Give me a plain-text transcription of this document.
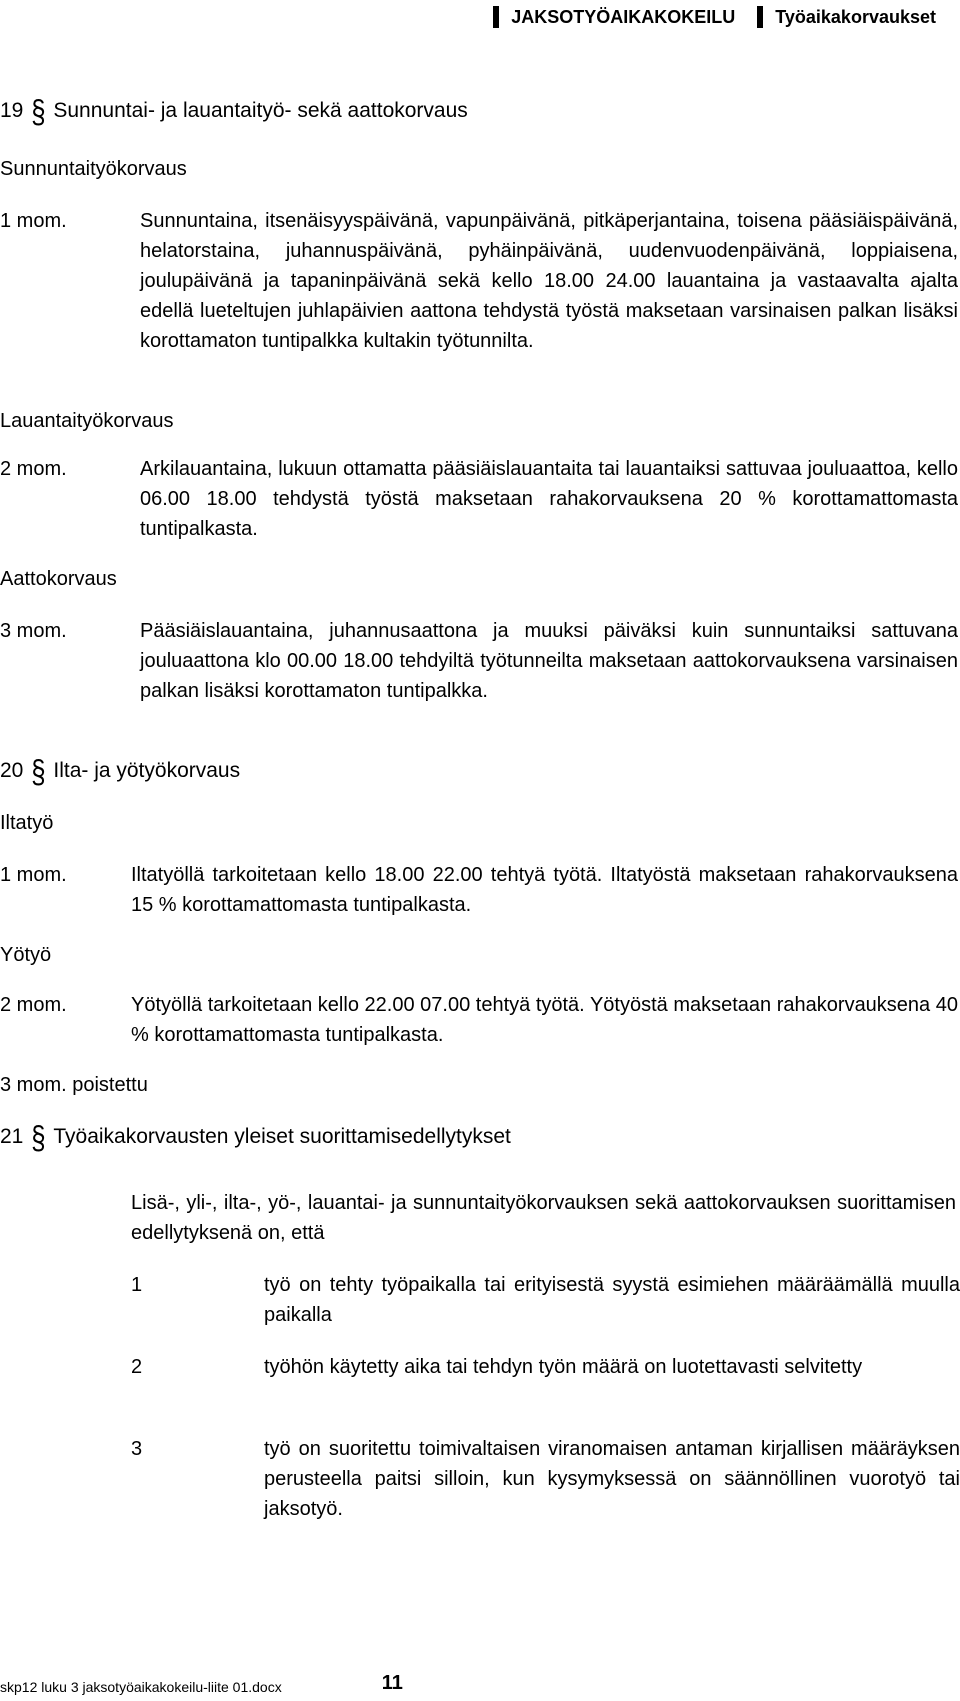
JAKSOTYÖAIKAKOKEILU Työaikakorvaukset
19 § Sunnuntai- ja lauantaityö- sekä aattokorvaus
Sunnuntaityökorvaus
1 mom.	Sunnuntaina, itsenäisyyspäivänä, vapunpäivänä, pitkäperjantaina, toisena pääsiäispäivänä, helatorstaina, juhannuspäivänä, pyhäinpäivänä, uudenvuodenpäivänä, loppiaisena, joulupäivänä ja tapaninpäivänä sekä kello 18.00 24.00 lauantaina ja vastaavalta ajalta edellä lueteltujen juhlapäivien aattona tehdystä työstä maksetaan varsinaisen palkan lisäksi korottamaton tuntipalkka kultakin työtunnilta.
Lauantaityökorvaus
2 mom.	Arkilauantaina, lukuun ottamatta pääsiäislauantaita tai lauantaiksi sattuvaa jouluaattoa, kello 06.00 18.00 tehdystä työstä maksetaan rahakorvauksena 20 % korottamattomasta tuntipalkasta.
Aattokorvaus
3 mom.	Pääsiäislauantaina, juhannusaattona ja muuksi päiväksi kuin sunnuntaiksi sattuvana jouluaattona klo 00.00 18.00 tehdyiltä työtunneilta maksetaan aattokorvauksena varsinaisen palkan lisäksi korottamaton tuntipalkka.
20 § Ilta- ja yötyökorvaus
Iltatyö
1 mom.	Iltatyöllä tarkoitetaan kello 18.00 22.00 tehtyä työtä. Iltatyöstä maksetaan rahakorvauksena 15 % korottamattomasta tuntipalkasta.
Yötyö
2 mom.	Yötyöllä tarkoitetaan kello 22.00 07.00 tehtyä työtä. Yötyöstä maksetaan rahakorvauksena 40 % korottamattomasta tuntipalkasta.
3 mom. poistettu
21 § Työaikakorvausten yleiset suorittamisedellytykset
Lisä-, yli-, ilta-, yö-, lauantai- ja sunnuntaityökorvauksen sekä aattokorvauksen suorittamisen edellytyksenä on, että
1	työ on tehty työpaikalla tai erityisestä syystä esimiehen määräämällä muulla paikalla
2	työhön käytetty aika tai tehdyn työn määrä on luotettavasti selvitetty
3	työ on suoritettu toimivaltaisen viranomaisen antaman kirjallisen määräyksen perusteella paitsi silloin, kun kysymyksessä on säännöllinen vuorotyö tai jaksotyö.
skp12 luku 3 jaksotyöaikakokeilu-liite 01.docx	11
